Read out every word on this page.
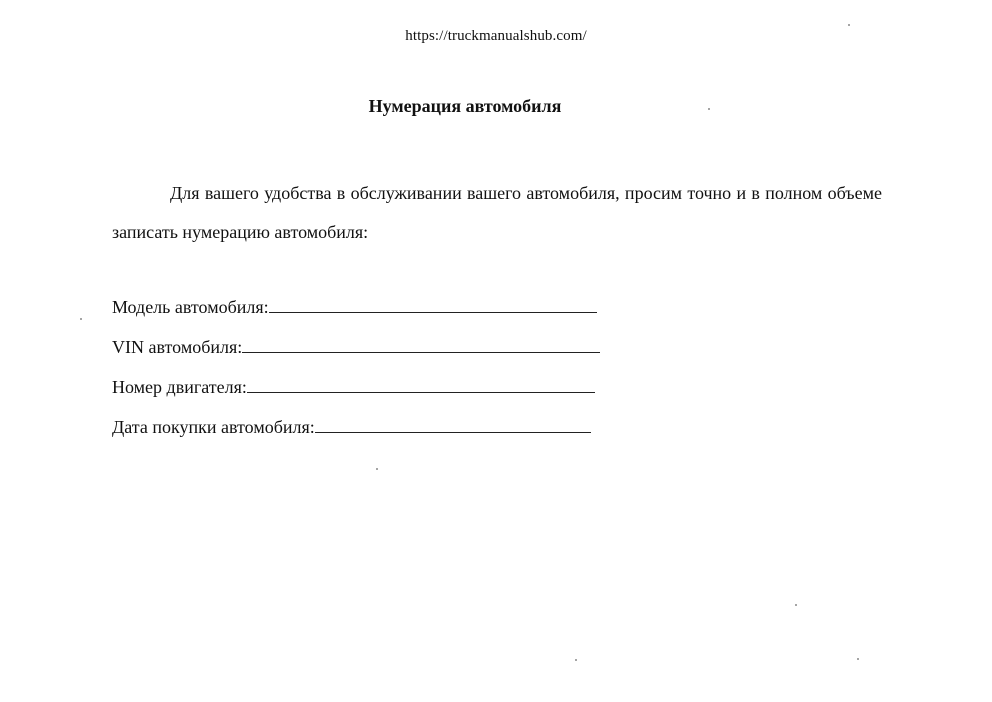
https://truckmanualshub.com/
Нумерация автомобиля
Для вашего удобства в обслуживании вашего автомобиля, просим точно и в полном объеме записать нумерацию автомобиля:
Модель автомобиля:
VIN автомобиля:
Номер двигателя:
Дата покупки автомобиля:
